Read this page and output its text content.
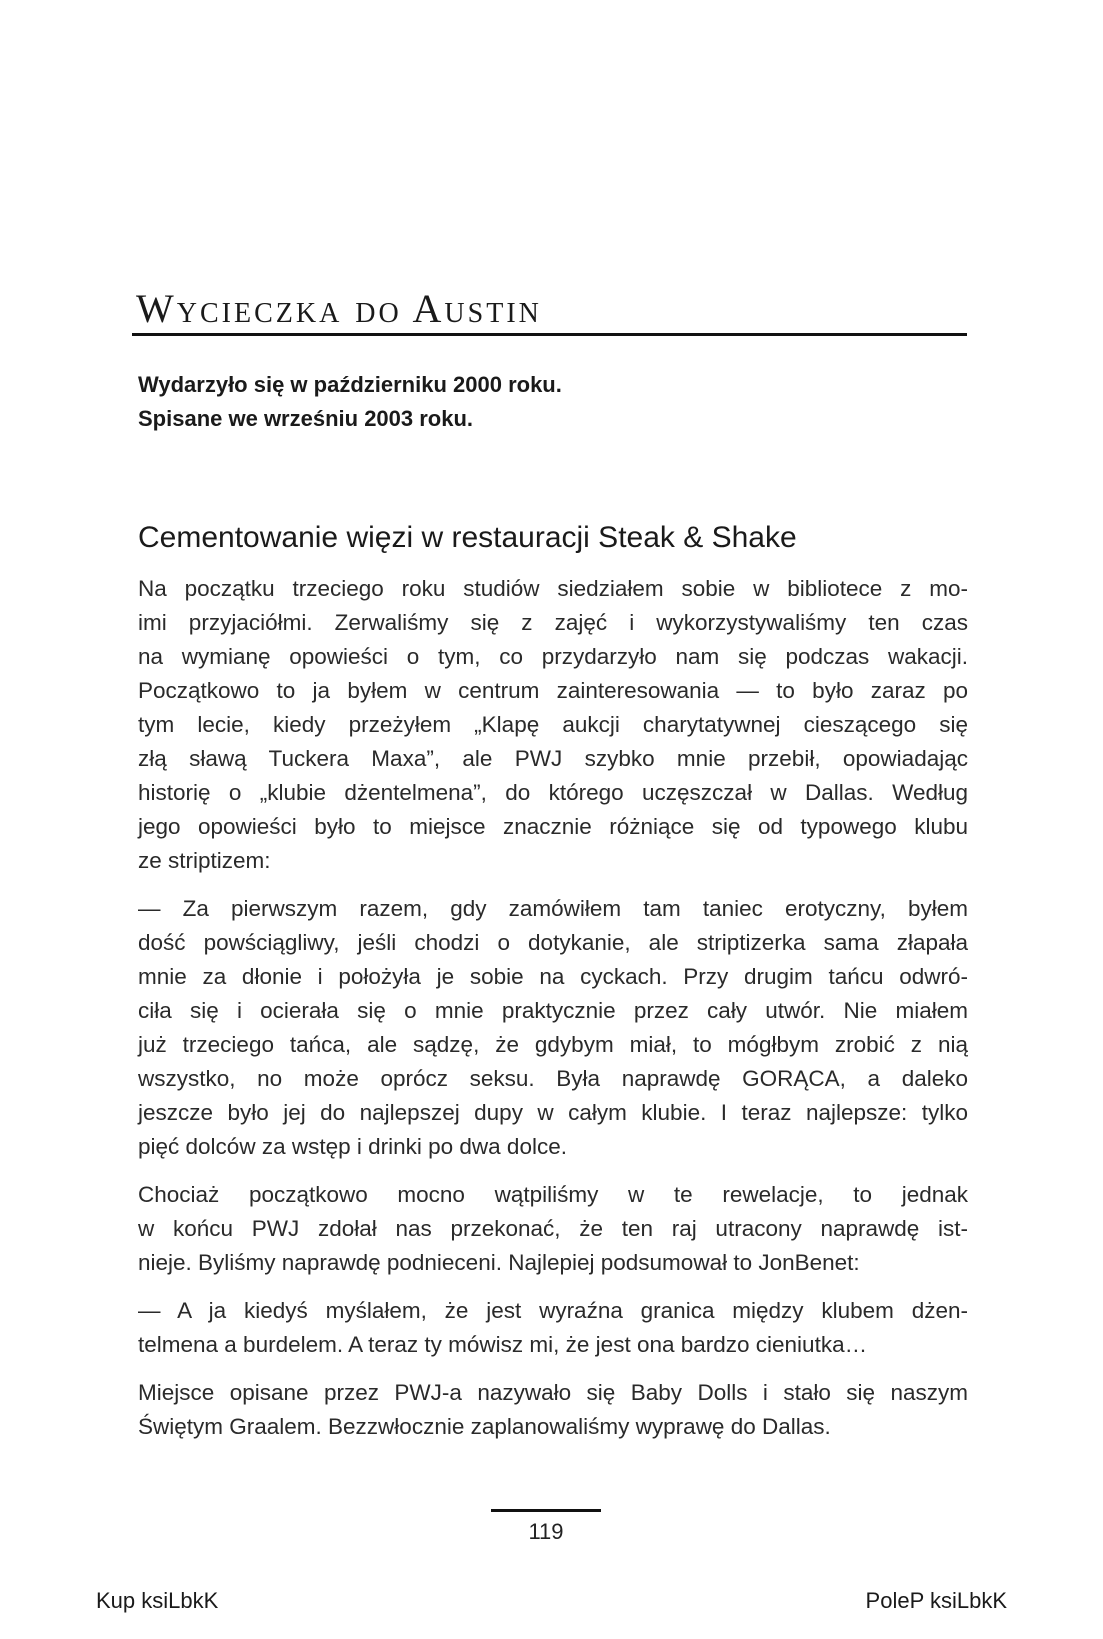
Wycieczka do Austin
Wydarzyło się w październiku 2000 roku.
Spisane we wrześniu 2003 roku.
Cementowanie więzi w restauracji Steak & Shake

Na początku trzeciego roku studiów siedziałem sobie w bibliotece z mo-
imi przyjaciółmi. Zerwaliśmy się z zajęć i wykorzystywaliśmy ten czas
na wymianę opowieści o tym, co przydarzyło nam się podczas wakacji.
Początkowo to ja byłem w centrum zainteresowania — to było zaraz po
tym lecie, kiedy przeżyłem „Klapę aukcji charytatywnej cieszącego się
złą sławą Tuckera Maxa”, ale PWJ szybko mnie przebił, opowiadając
historię o „klubie dżentelmena”, do którego uczęszczał w Dallas. Według
jego opowieści było to miejsce znacznie różniące się od typowego klubu
ze striptizem:

— Za pierwszym razem, gdy zamówiłem tam taniec erotyczny, byłem
dość powściągliwy, jeśli chodzi o dotykanie, ale striptizerka sama złapała
mnie za dłonie i położyła je sobie na cyckach. Przy drugim tańcu odwró-
ciła się i ocierała się o mnie praktycznie przez cały utwór. Nie miałem
już trzeciego tańca, ale sądzę, że gdybym miał, to mógłbym zrobić z nią
wszystko, no może oprócz seksu. Była naprawdę GORĄCA, a daleko
jeszcze było jej do najlepszej dupy w całym klubie. I teraz najlepsze: tylko
pięć dolców za wstęp i drinki po dwa dolce.

Chociaż początkowo mocno wątpiliśmy w te rewelacje, to jednak
w końcu PWJ zdołał nas przekonać, że ten raj utracony naprawdę ist-
nieje. Byliśmy naprawdę podnieceni. Najlepiej podsumował to JonBenet:

— A ja kiedyś myślałem, że jest wyraźna granica między klubem dżen-
telmena a burdelem. A teraz ty mówisz mi, że jest ona bardzo cieniutka…

Miejsce opisane przez PWJ-a nazywało się Baby Dolls i stało się naszym
Świętym Graalem. Bezzwłocznie zaplanowaliśmy wyprawę do Dallas.

119
Kup ksiLbkK	PoleP ksiLbkK
